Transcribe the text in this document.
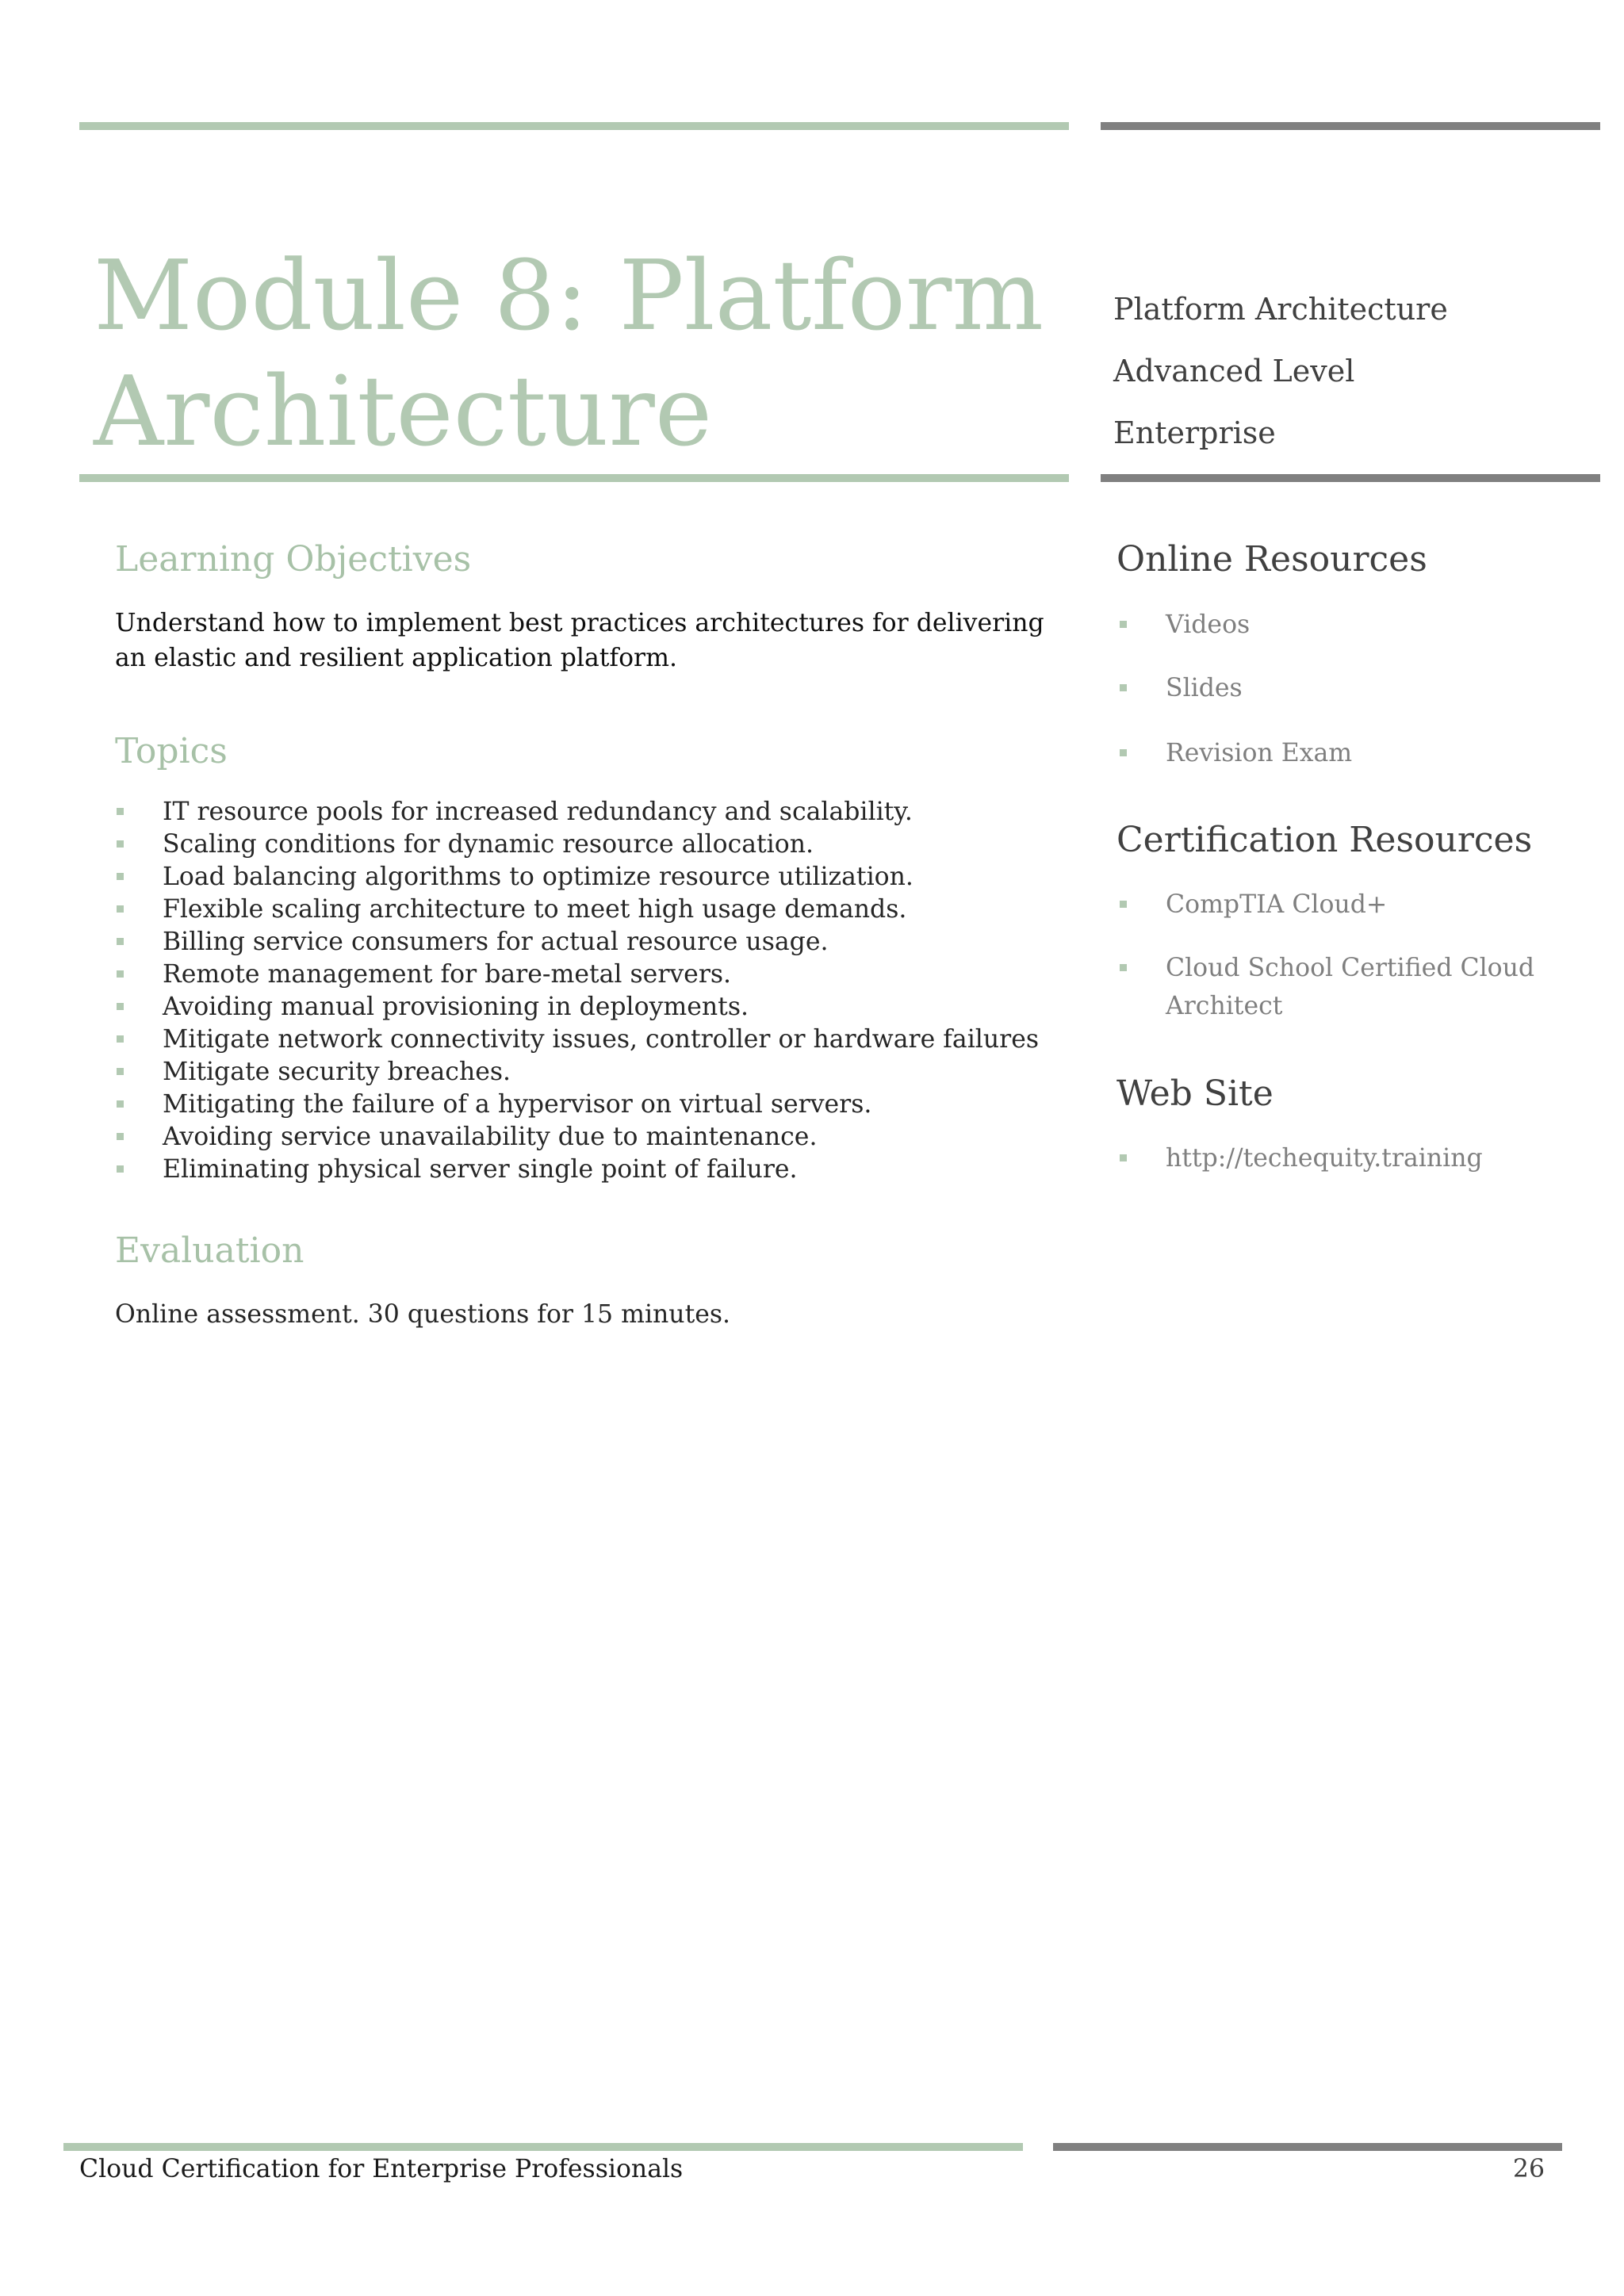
Module 8: Platform Architecture
Platform Architecture
Advanced Level
Enterprise
Learning Objectives

Understand how to implement best practices architectures for delivering an elastic and resilient application platform.

Topics
IT resource pools for increased redundancy and scalability.
Scaling conditions for dynamic resource allocation.
Load balancing algorithms to optimize resource utilization.
Flexible scaling architecture to meet high usage demands.
Billing service consumers for actual resource usage.
Remote management for bare-metal servers.
Avoiding manual provisioning in deployments.
Mitigate network connectivity issues, controller or hardware failures
Mitigate security breaches.
Mitigating the failure of a hypervisor on virtual servers.
Avoiding service unavailability due to maintenance.
Eliminating physical server single point of failure.
Evaluation

Online assessment. 30 questions for 15 minutes.

Online Resources
Videos
Slides
Revision Exam
Certification Resources
CompTIA Cloud+
Cloud School Certified Cloud Architect
Web Site
http://techequity.training
Cloud Certification for Enterprise Professionals	26
